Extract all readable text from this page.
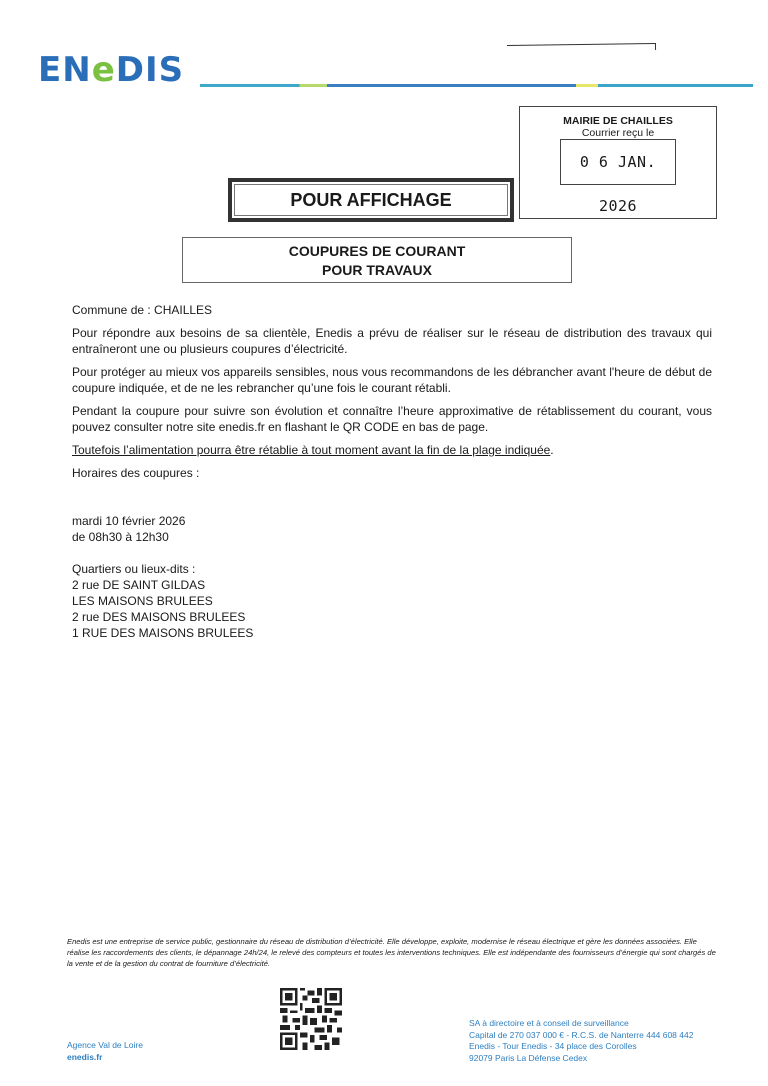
ENeDIS
MAIRIE DE CHAILLES
Courrier reçu le
0 6 JAN. 2026
POUR AFFICHAGE
COUPURES DE COURANT
POUR TRAVAUX
Commune de : CHAILLES
Pour répondre aux besoins de sa clientèle, Enedis a prévu de réaliser sur le réseau de distribution des travaux qui entraîneront une ou plusieurs coupures d’électricité.
Pour protéger au mieux vos appareils sensibles, nous vous recommandons de les débrancher avant l'heure de début de coupure indiquée, et de ne les rebrancher qu’une fois le courant rétabli.
Pendant la coupure pour suivre son évolution et connaître l’heure approximative de rétablissement du courant, vous pouvez consulter notre site enedis.fr en flashant le QR CODE en bas de page.
Toutefois l’alimentation pourra être rétablie à tout moment avant la fin de la plage indiquée.
Horaires des coupures :
mardi 10 février 2026
de 08h30 à 12h30
Quartiers ou lieux-dits :
2 rue DE SAINT GILDAS
LES MAISONS BRULEES
2 rue DES MAISONS BRULEES
1 RUE DES MAISONS BRULEES
Enedis est une entreprise de service public, gestionnaire du réseau de distribution d’électricité. Elle développe, exploite, modernise le réseau électrique et gère les données associées. Elle réalise les raccordements des clients, le dépannage 24h/24, le relevé des compteurs et toutes les interventions techniques. Elle est indépendante des fournisseurs d’énergie qui sont chargés de la vente et de la gestion du contrat de fourniture d’électricité.
Agence Val de Loire
enedis.fr
SA à directoire et à conseil de surveillance
Capital de 270 037 000 € - R.C.S. de Nanterre 444 608 442
Enedis - Tour Enedis - 34 place des Corolles
92079 Paris La Défense Cedex
